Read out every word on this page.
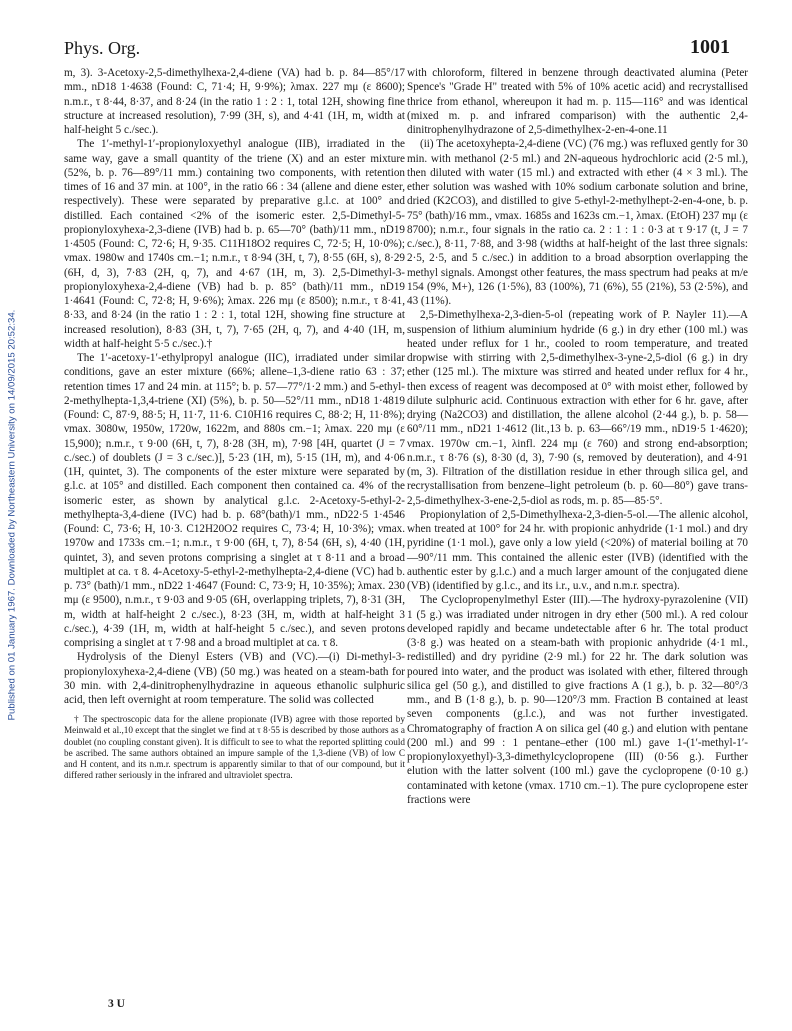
Phys. Org.	1001
Published on 01 January 1967. Downloaded by Northeastern University on 14/09/2015 20:52:34.

m, 3). 3-Acetoxy-2,5-dimethylhexa-2,4-diene (VA) had b. p. 84—85°/17 mm., nD18 1·4638 (Found: C, 71·4; H, 9·9%); λmax. 227 mμ (ε 8600); n.m.r., τ 8·44, 8·37, and 8·24 (in the ratio 1 : 2 : 1, total 12H, showing fine structure at increased resolution), 7·99 (3H, s), and 4·41 (1H, m, width at half-height 5 c./sec.).

The 1′-methyl-1′-propionyloxyethyl analogue (IIB), irradiated in the same way, gave a small quantity of the triene (X) and an ester mixture (52%, b. p. 76—89°/11 mm.) containing two components, with retention times of 16 and 37 min. at 100°, in the ratio 66 : 34 (allene and diene ester, respectively). These were separated by preparative g.l.c. at 100° and distilled. Each contained <2% of the isomeric ester. 2,5-Dimethyl-5-propionyloxyhexa-2,3-diene (IVB) had b. p. 65—70° (bath)/11 mm., nD19 1·4505 (Found: C, 72·6; H, 9·35. C11H18O2 requires C, 72·5; H, 10·0%); νmax. 1980w and 1740s cm.−1; n.m.r., τ 8·94 (3H, t, 7), 8·55 (6H, s), 8·29 (6H, d, 3), 7·83 (2H, q, 7), and 4·67 (1H, m, 3). 2,5-Dimethyl-3-propionyloxyhexa-2,4-diene (VB) had b. p. 85° (bath)/11 mm., nD19 1·4641 (Found: C, 72·8; H, 9·6%); λmax. 226 mμ (ε 8500); n.m.r., τ 8·41, 8·33, and 8·24 (in the ratio 1 : 2 : 1, total 12H, showing fine structure at increased resolution), 8·83 (3H, t, 7), 7·65 (2H, q, 7), and 4·40 (1H, m, width at half-height 5·5 c./sec.).†

The 1′-acetoxy-1′-ethylpropyl analogue (IIC), irradiated under similar conditions, gave an ester mixture (66%; allene–1,3-diene ratio 63 : 37; retention times 17 and 24 min. at 115°; b. p. 57—77°/1·2 mm.) and 5-ethyl-2-methylhepta-1,3,4-triene (XI) (5%), b. p. 50—52°/11 mm., nD18 1·4819 (Found: C, 87·9, 88·5; H, 11·7, 11·6. C10H16 requires C, 88·2; H, 11·8%); νmax. 3080w, 1950w, 1720w, 1622m, and 880s cm.−1; λmax. 220 mμ (ε 15,900); n.m.r., τ 9·00 (6H, t, 7), 8·28 (3H, m), 7·98 [4H, quartet (J = 7 c./sec.) of doublets (J = 3 c./sec.)], 5·23 (1H, m), 5·15 (1H, m), and 4·06 (1H, quintet, 3). The components of the ester mixture were separated by g.l.c. at 105° and distilled. Each component then contained ca. 4% of the isomeric ester, as shown by analytical g.l.c. 2-Acetoxy-5-ethyl-2-methylhepta-3,4-diene (IVC) had b. p. 68°(bath)/1 mm., nD22·5 1·4546 (Found: C, 73·6; H, 10·3. C12H20O2 requires C, 73·4; H, 10·3%); νmax. 1970w and 1733s cm.−1; n.m.r., τ 9·00 (6H, t, 7), 8·54 (6H, s), 4·40 (1H, quintet, 3), and seven protons comprising a singlet at τ 8·11 and a broad multiplet at ca. τ 8. 4-Acetoxy-5-ethyl-2-methylhepta-2,4-diene (VC) had b. p. 73° (bath)/1 mm., nD22 1·4647 (Found: C, 73·9; H, 10·35%); λmax. 230 mμ (ε 9500), n.m.r., τ 9·03 and 9·05 (6H, overlapping triplets, 7), 8·31 (3H, m, width at half-height 2 c./sec.), 8·23 (3H, m, width at half-height 3 c./sec.), 4·39 (1H, m, width at half-height 5 c./sec.), and seven protons comprising a singlet at τ 7·98 and a broad multiplet at ca. τ 8.

Hydrolysis of the Dienyl Esters (VB) and (VC).—(i) Di-methyl-3-propionyloxyhexa-2,4-diene (VB) (50 mg.) was heated on a steam-bath for 30 min. with 2,4-dinitrophenylhydrazine in aqueous ethanolic sulphuric acid, then left overnight at room temperature. The solid was collected

† The spectroscopic data for the allene propionate (IVB) agree with those reported by Meinwald et al.,10 except that the singlet we find at τ 8·55 is described by those authors as a doublet (no coupling constant given). It is difficult to see to what the reported splitting could be ascribed. The same authors obtained an impure sample of the 1,3-diene (VB) of low C and H content, and its n.m.r. spectrum is apparently similar to that of our compound, but it differed rather seriously in the infrared and ultraviolet spectra.

3 U

with chloroform, filtered in benzene through deactivated alumina (Peter Spence's "Grade H" treated with 5% of 10% acetic acid) and recrystallised thrice from ethanol, whereupon it had m. p. 115—116° and was identical (mixed m. p. and infrared comparison) with the authentic 2,4-dinitrophenylhydrazone of 2,5-dimethylhex-2-en-4-one.11

(ii) The acetoxyhepta-2,4-diene (VC) (76 mg.) was refluxed gently for 30 min. with methanol (2·5 ml.) and 2N-aqueous hydrochloric acid (2·5 ml.), then diluted with water (15 ml.) and extracted with ether (4 × 3 ml.). The ether solution was washed with 10% sodium carbonate solution and brine, dried (K2CO3), and distilled to give 5-ethyl-2-methylhept-2-en-4-one, b. p. 75° (bath)/16 mm., νmax. 1685s and 1623s cm.−1, λmax. (EtOH) 237 mμ (ε 8700); n.m.r., four signals in the ratio ca. 2 : 1 : 1 : 0·3 at τ 9·17 (t, J = 7 c./sec.), 8·11, 7·88, and 3·98 (widths at half-height of the last three signals: 2·5, 2·5, and 5 c./sec.) in addition to a broad absorption overlapping the methyl signals. Amongst other features, the mass spectrum had peaks at m/e 154 (9%, M+), 126 (1·5%), 83 (100%), 71 (6%), 55 (21%), 53 (2·5%), and 43 (11%).

2,5-Dimethylhexa-2,3-dien-5-ol (repeating work of P. Nayler 11).—A suspension of lithium aluminium hydride (6 g.) in dry ether (100 ml.) was heated under reflux for 1 hr., cooled to room temperature, and treated dropwise with stirring with 2,5-dimethylhex-3-yne-2,5-diol (6 g.) in dry ether (125 ml.). The mixture was stirred and heated under reflux for 4 hr., then excess of reagent was decomposed at 0° with moist ether, followed by dilute sulphuric acid. Continuous extraction with ether for 6 hr. gave, after drying (Na2CO3) and distillation, the allene alcohol (2·44 g.), b. p. 58—60°/11 mm., nD21 1·4612 (lit.,13 b. p. 63—66°/19 mm., nD19·5 1·4620); νmax. 1970w cm.−1, λinfl. 224 mμ (ε 760) and strong end-absorption; n.m.r., τ 8·76 (s), 8·30 (d, 3), 7·90 (s, removed by deuteration), and 4·91 (m, 3). Filtration of the distillation residue in ether through silica gel, and recrystallisation from benzene–light petroleum (b. p. 60—80°) gave trans-2,5-dimethylhex-3-ene-2,5-diol as rods, m. p. 85—85·5°.

Propionylation of 2,5-Dimethylhexa-2,3-dien-5-ol.—The allenic alcohol, when treated at 100° for 24 hr. with propionic anhydride (1·1 mol.) and dry pyridine (1·1 mol.), gave only a low yield (<20%) of material boiling at 70—90°/11 mm. This contained the allenic ester (IVB) (identified with the authentic ester by g.l.c.) and a much larger amount of the conjugated diene (VB) (identified by g.l.c., and its i.r., u.v., and n.m.r. spectra).

The Cyclopropenylmethyl Ester (III).—The hydroxy-pyrazolenine (VII) 1 (5 g.) was irradiated under nitrogen in dry ether (500 ml.). A red colour developed rapidly and became undetectable after 6 hr. The total product (3·8 g.) was heated on a steam-bath with propionic anhydride (4·1 ml., redistilled) and dry pyridine (2·9 ml.) for 22 hr. The dark solution was poured into water, and the product was isolated with ether, filtered through silica gel (50 g.), and distilled to give fractions A (1 g.), b. p. 32—80°/3 mm., and B (1·8 g.), b. p. 90—120°/3 mm. Fraction B contained at least seven components (g.l.c.), and was not further investigated. Chromatography of fraction A on silica gel (40 g.) and elution with pentane (200 ml.) and 99 : 1 pentane–ether (100 ml.) gave 1-(1′-methyl-1′-propionyloxyethyl)-3,3-dimethylcyclopropene (III) (0·56 g.). Further elution with the latter solvent (100 ml.) gave the cyclopropene (0·10 g.) contaminated with ketone (νmax. 1710 cm.−1). The pure cyclopropene ester fractions were
